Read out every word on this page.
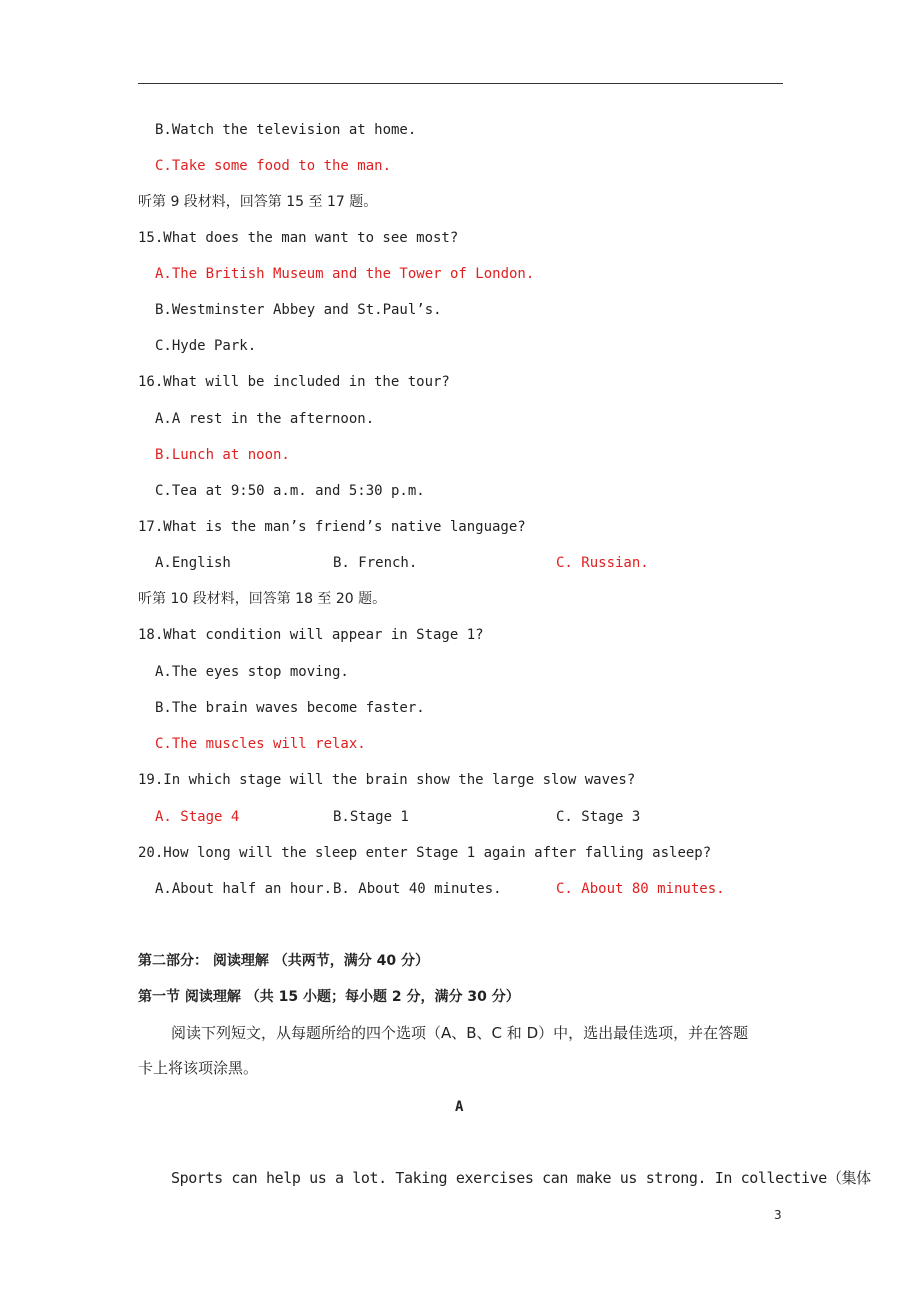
B.Watch the television at home.
C.Take some food to the man.
听第 9 段材料，回答第 15 至 17 题。
15.What does the man want to see most?
A.The British Museum and the Tower of London.
B.Westminster Abbey and St.Paul’s.
C.Hyde Park.
16.What will be included in the tour?
A.A rest in the afternoon.
B.Lunch at noon.
C.Tea at 9:50 a.m. and 5:30 p.m.
17.What is the man’s friend’s native language?
A.English	B. French.	C. Russian.
听第 10 段材料，回答第 18 至 20 题。
18.What condition will appear in Stage 1?
A.The eyes stop moving.
B.The brain waves become faster.
C.The muscles will relax.
19.In which stage will the brain show the large slow waves?
A. Stage 4	B.Stage 1	C. Stage 3
20.How long will the sleep enter Stage 1 again after falling asleep?
A.About half an hour. B. About 40 minutes.	C. About 80 minutes.
第二部分： 阅读理解 （共两节，满分 40 分）
第一节 阅读理解 （共 15 小题；每小题 2 分，满分 30 分）
阅读下列短文，从每题所给的四个选项（A、B、C 和 D）中，选出最佳选项，并在答题
卡上将该项涂黑。
A
Sports can help us a lot. Taking exercises can make us strong. In collective（集体
3
